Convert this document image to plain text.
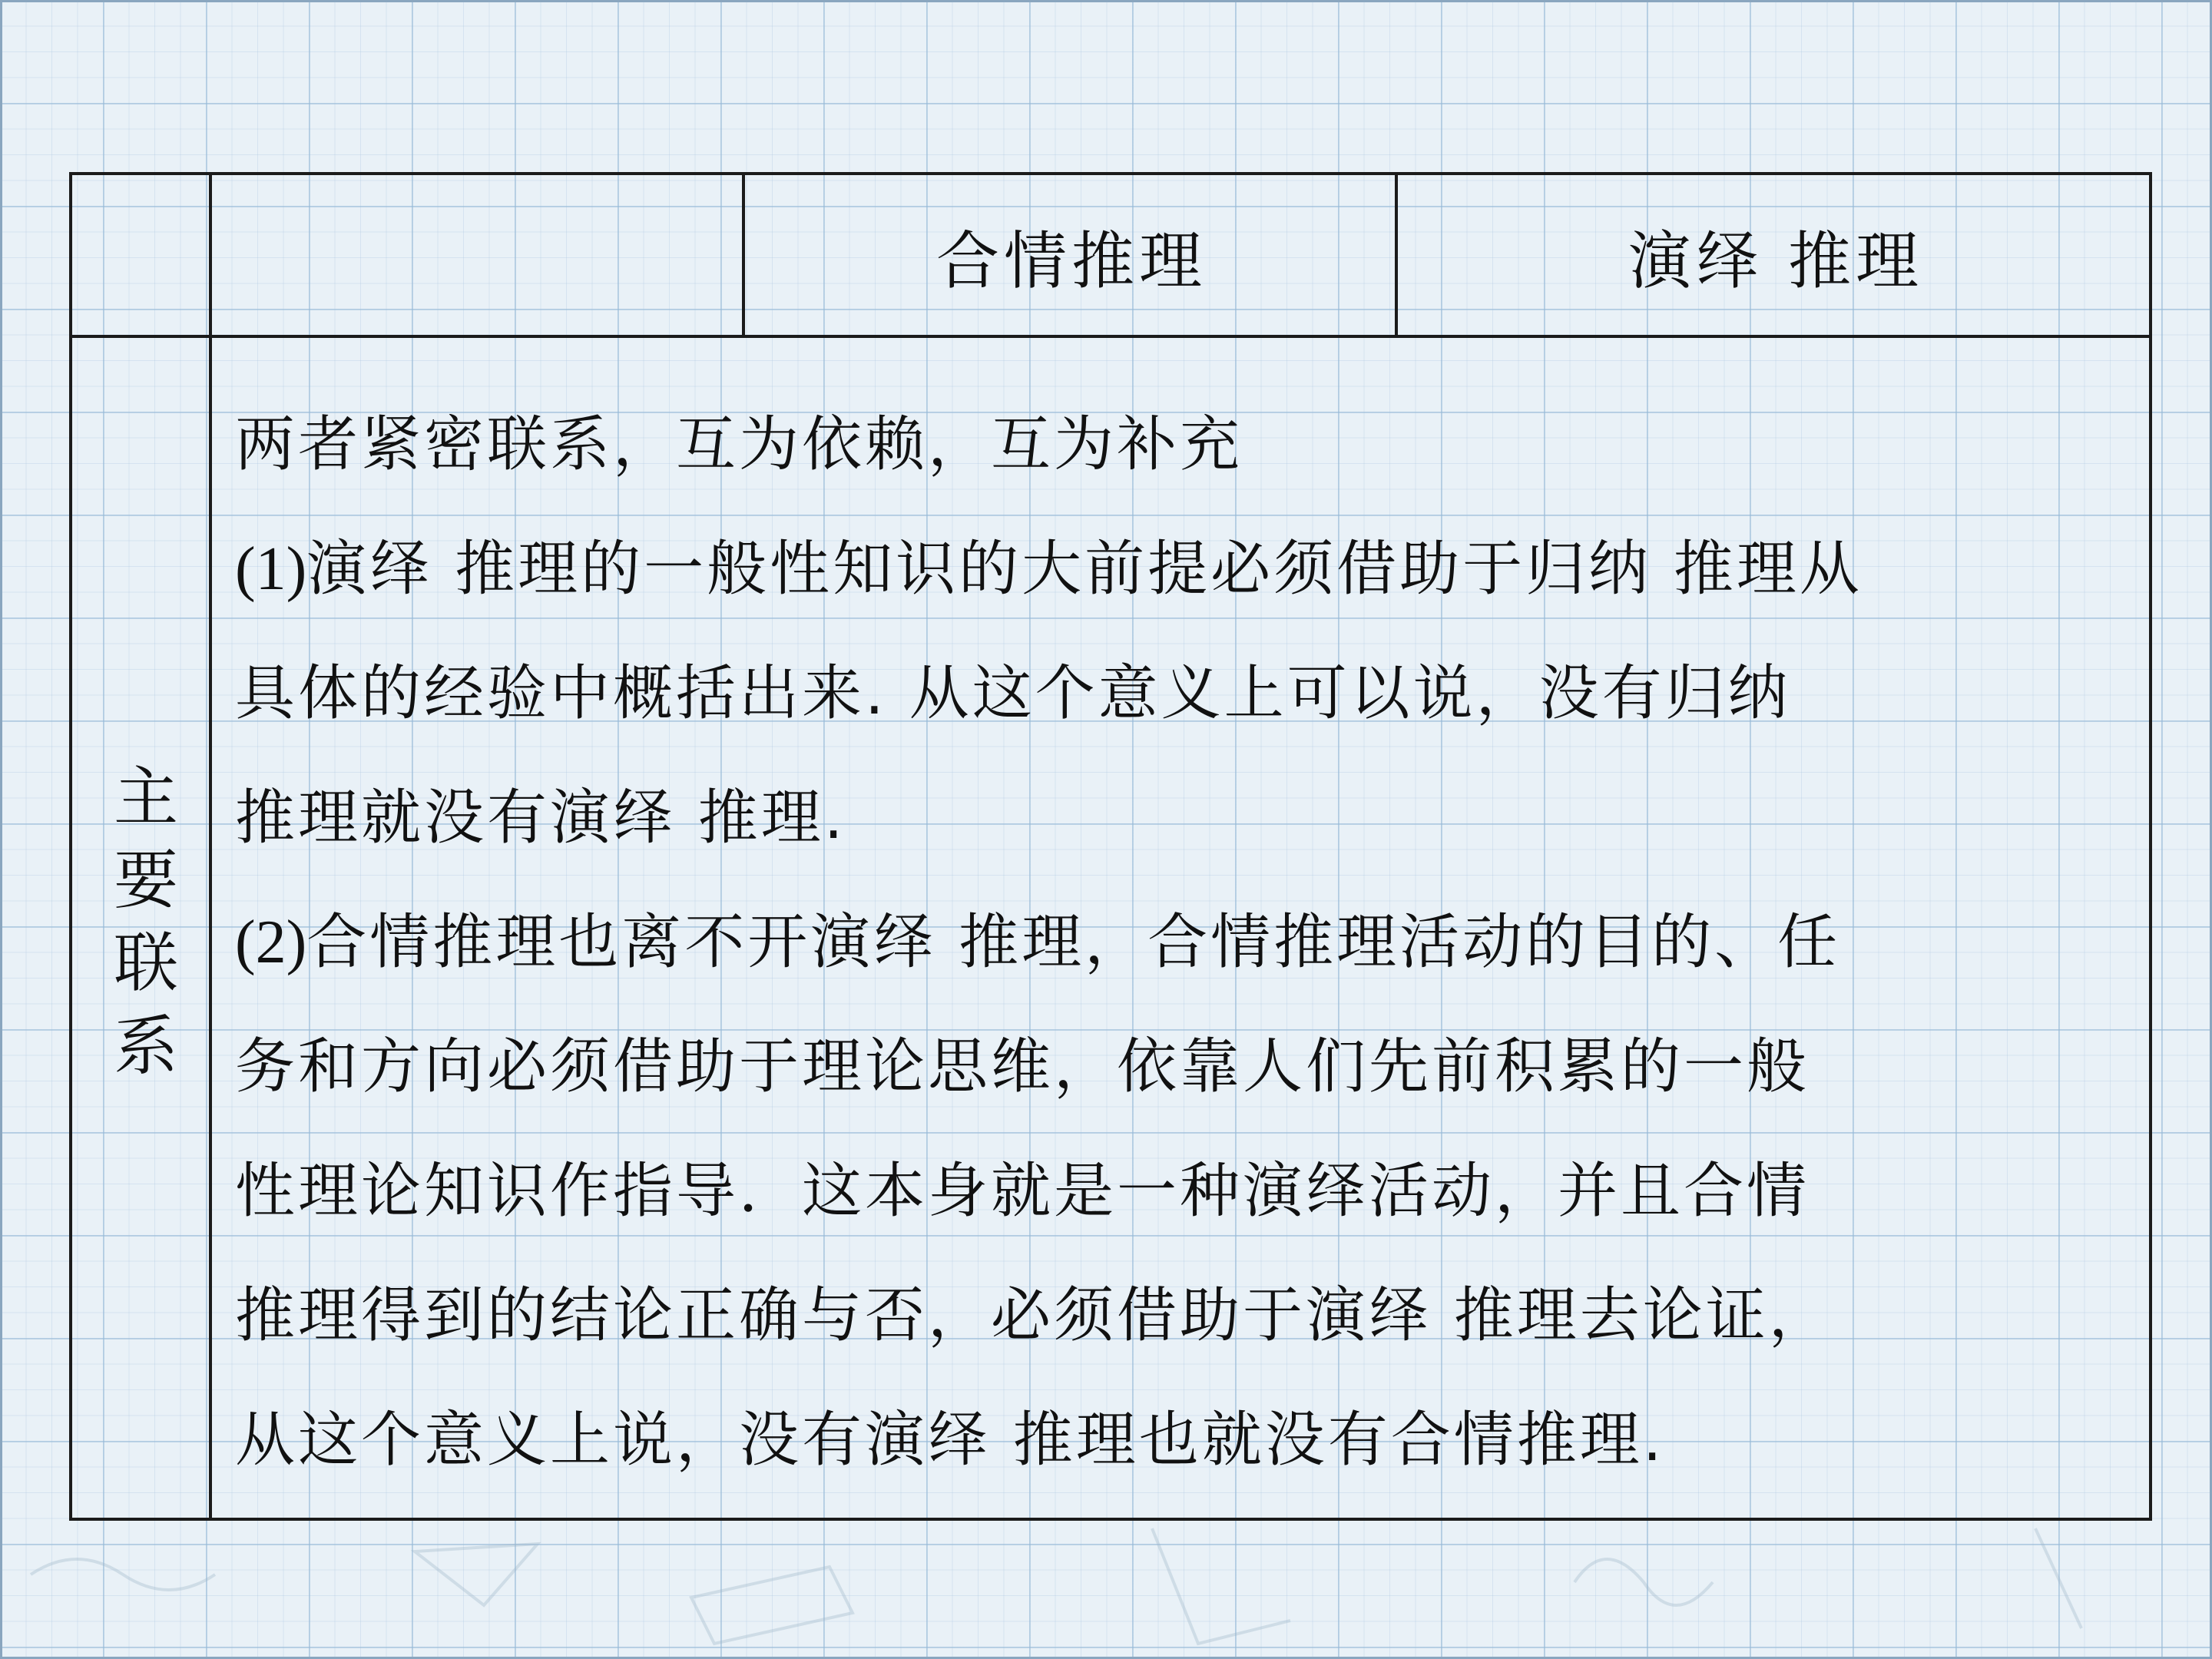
合情推理	演绎 推理
主要联系

两者紧密联系，互为依赖，互为补充

(1)演绎 推理的一般性知识的大前提必须借助于归纳 推理从

具体的经验中概括出来. 从这个意义上可以说，没有归纳

推理就没有演绎 推理.

(2)合情推理也离不开演绎 推理，合情推理活动的目的、任

务和方向必须借助于理论思维，依靠人们先前积累的一般

性理论知识作指导．这本身就是一种演绎活动，并且合情

推理得到的结论正确与否，必须借助于演绎 推理去论证，

从这个意义上说，没有演绎 推理也就没有合情推理.
